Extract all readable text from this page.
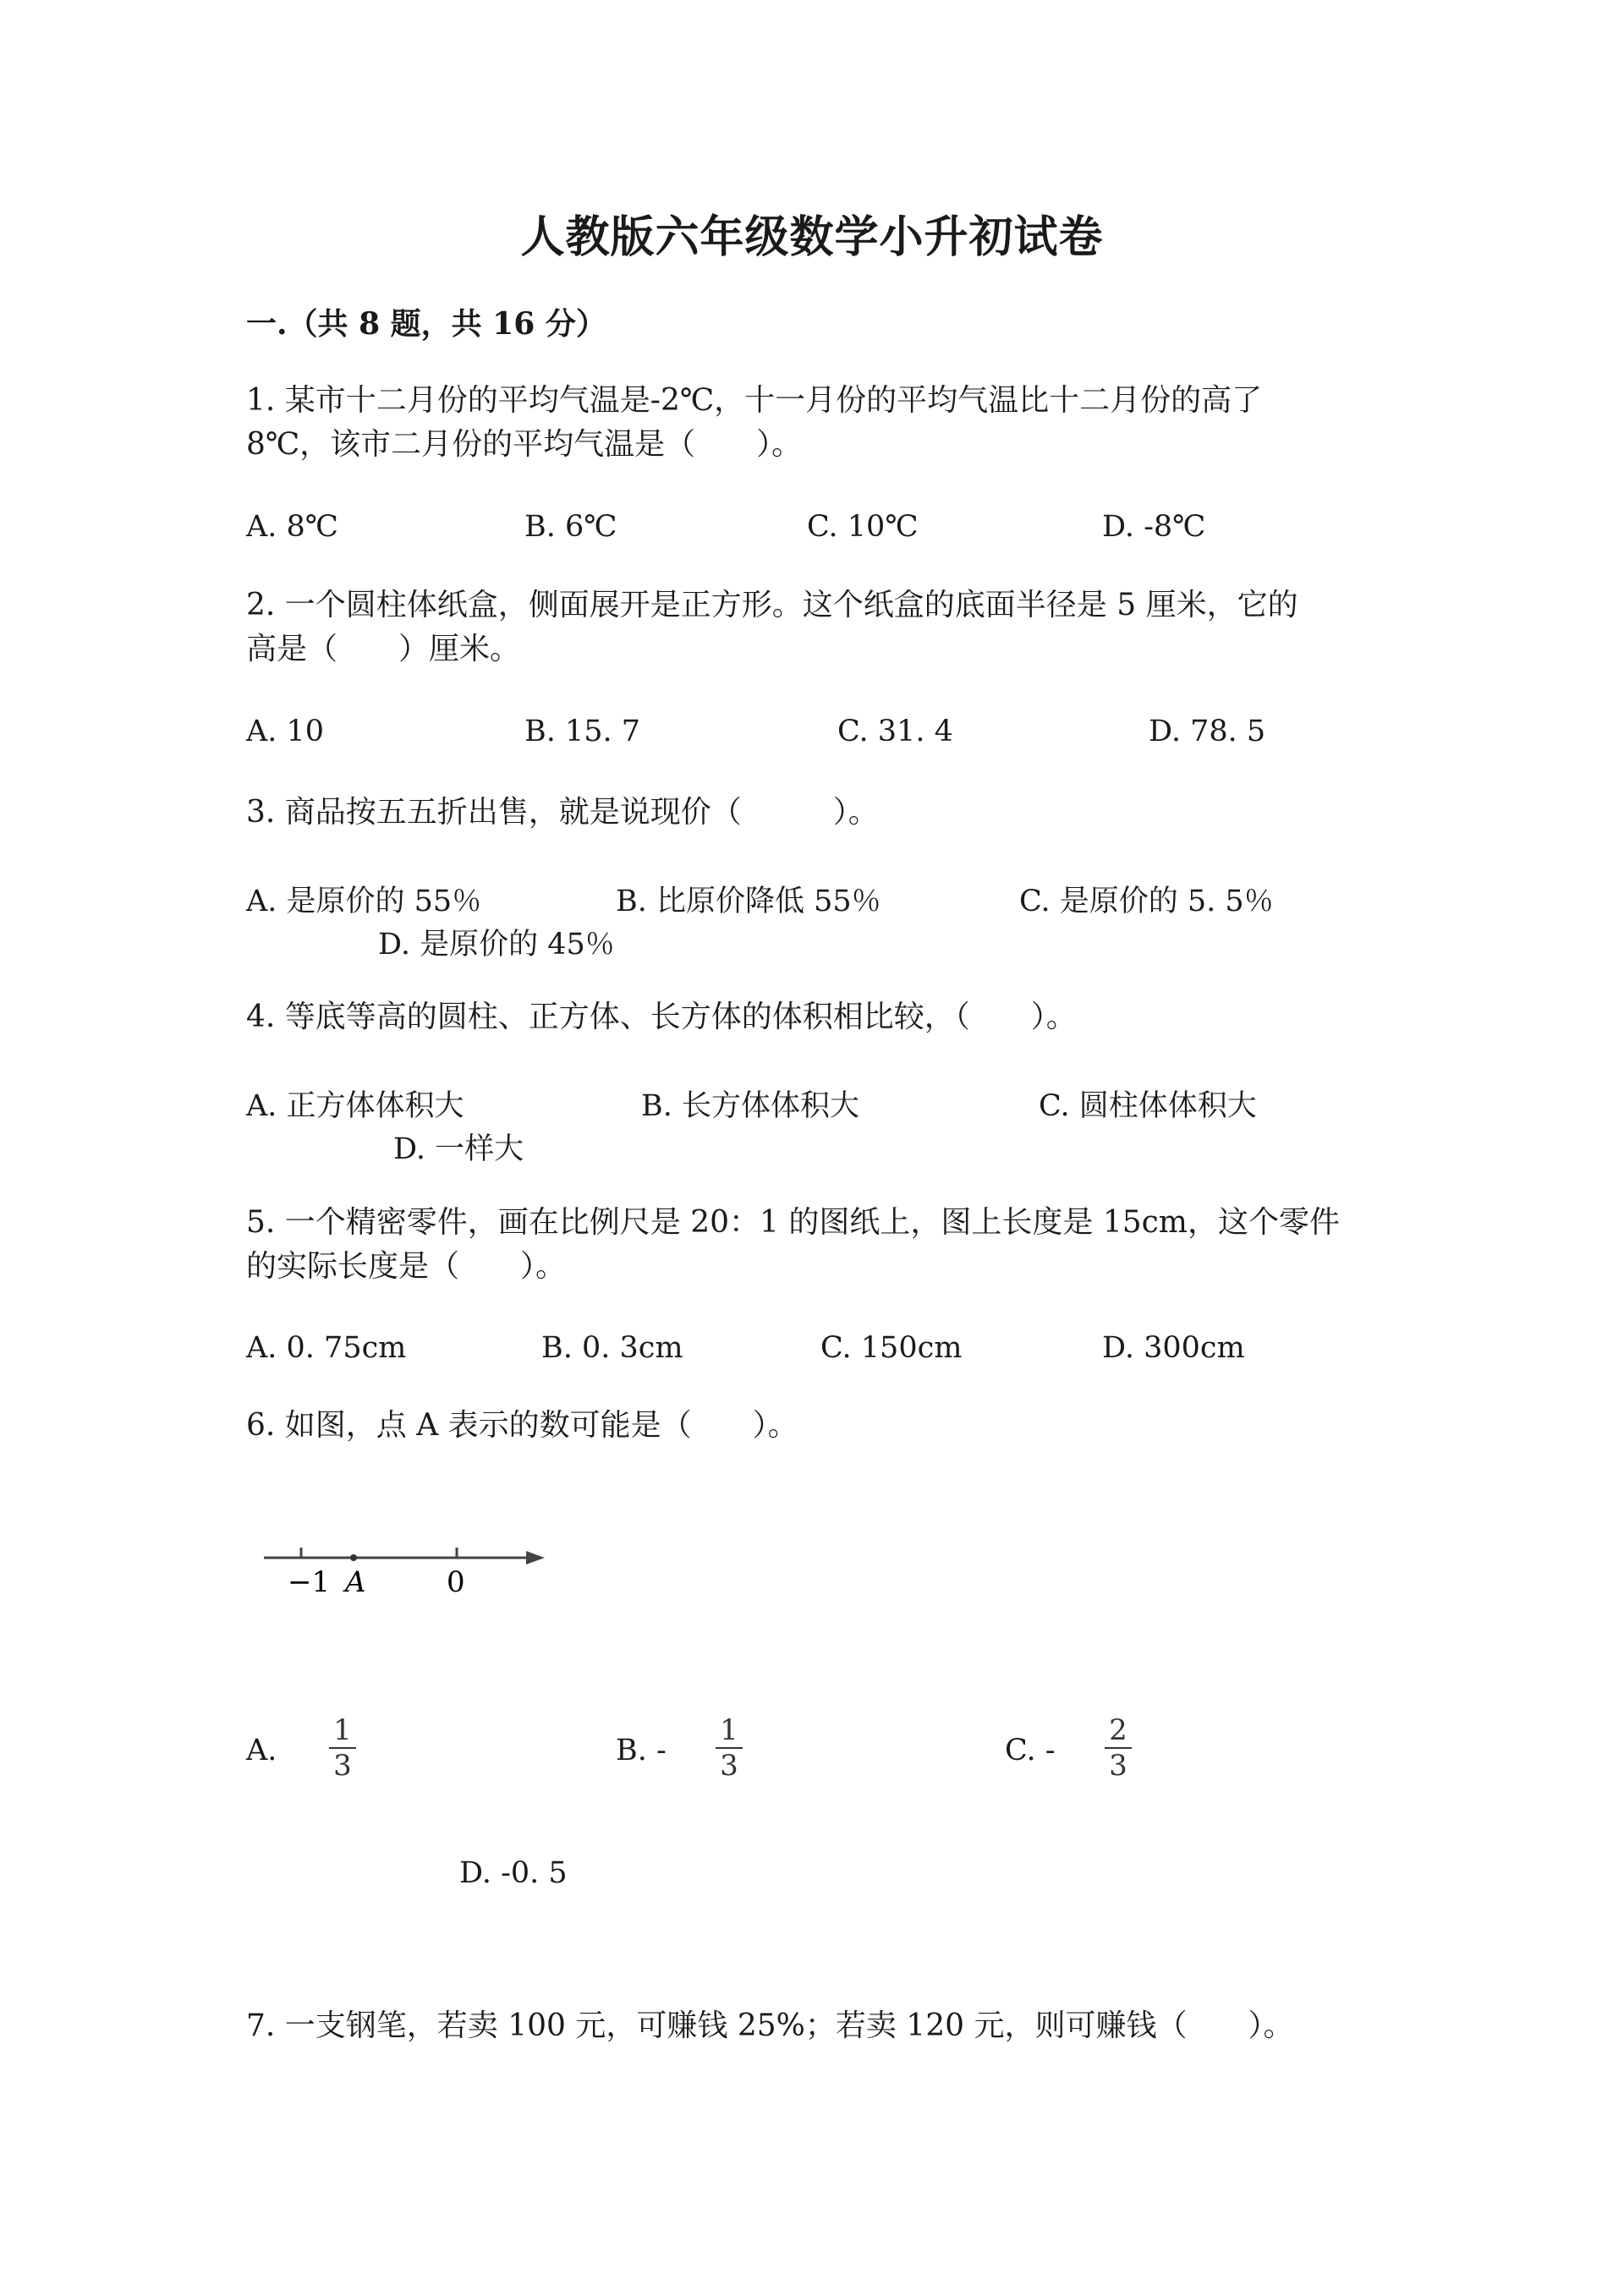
人教版六年级数学小升初试卷
一.（共 8 题，共 16 分）
1. 某市十二月份的平均气温是-2℃，十一月份的平均气温比十二月份的高了
8℃，该市二月份的平均气温是（　　）。
A. 8℃	B. 6℃	C. 10℃	D. -8℃
2. 一个圆柱体纸盒，侧面展开是正方形。这个纸盒的底面半径是 5 厘米，它的
高是（　　）厘米。
A. 10	B. 15. 7	C. 31. 4	D. 78. 5
3. 商品按五五折出售，就是说现价（　　　）。
A. 是原价的 55％	B. 比原价降低 55％	C. 是原价的 5. 5％
D. 是原价的 45％
4. 等底等高的圆柱、正方体、长方体的体积相比较，（　　）。
A. 正方体体积大	B. 长方体体积大	C. 圆柱体体积大
D. 一样大
5. 一个精密零件，画在比例尺是 20：1 的图纸上，图上长度是 15cm，这个零件
的实际长度是（　　）。
A. 0. 75cm	B. 0. 3cm	C. 150cm	D. 300cm
6. 如图，点 A 表示的数可能是（　　）。
−1 A	0
A.
1
3	B. -
1
3	C. -
2
3
D. -0. 5
7. 一支钢笔，若卖 100 元，可赚钱 25%；若卖 120 元，则可赚钱（　　）。
